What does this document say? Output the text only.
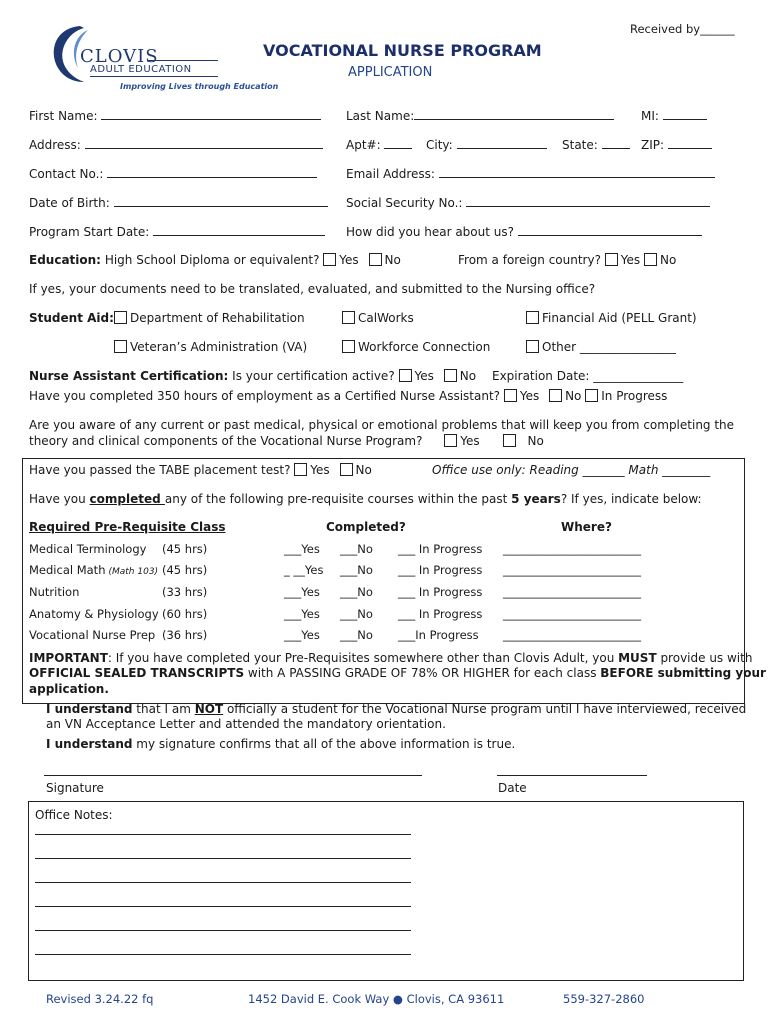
Received by______
CLOVIS
ADULT EDUCATION
Improving Lives through Education
VOCATIONAL NURSE PROGRAM
APPLICATION
First Name:	Last Name:	MI:
Address:	Apt#:	City:	State:	ZIP:
Contact No.:	Email Address:
Date of Birth:	Social Security No.:
Program Start Date:	How did you hear about us?
Education: High School Diploma or equivalent? Yes No	From a foreign country? Yes No
If yes, your documents need to be translated, evaluated, and submitted to the Nursing office?
Student Aid:	Department of Rehabilitation	CalWorks	Financial Aid (PELL Grant)
Veteran’s Administration (VA)	Workforce Connection	Other ________________
Nurse Assistant Certification: Is your certification active? Yes No Expiration Date: _______________
Have you completed 350 hours of employment as a Certified Nurse Assistant? Yes No In Progress
Are you aware of any current or past medical, physical or emotional problems that will keep you from completing the
theory and clinical components of the Vocational Nurse Program?	Yes	No
Have you passed the TABE placement test? Yes No	Office use only: Reading _______ Math ________
Have you completed any of the following pre-requisite courses within the past 5 years? If yes, indicate below:
Required Pre-Requisite Class	Completed?	Where?
Medical Terminology (45 hrs)	___Yes ___No ___ In Progress ________________________
Medical Math (Math 103) (45 hrs)	_ __Yes ___No ___ In Progress ________________________
Nutrition	(33 hrs)	___Yes ___No ___ In Progress ________________________
Anatomy & Physiology (60 hrs)	___Yes ___No ___ In Progress ________________________
Vocational Nurse Prep (36 hrs)	___Yes ___No ___In Progress ________________________
IMPORTANT: If you have completed your Pre-Requisites somewhere other than Clovis Adult, you MUST provide us with
OFFICIAL SEALED TRANSCRIPTS with A PASSING GRADE OF 78% OR HIGHER for each class BEFORE submitting your
application.
I understand that I am NOT officially a student for the Vocational Nurse program until I have interviewed, received
an VN Acceptance Letter and attended the mandatory orientation.
I understand my signature confirms that all of the above information is true.
Signature	Date
Office Notes:
Revised 3.24.22 fq	1452 David E. Cook Way ● Clovis, CA 93611	559-327-2860
